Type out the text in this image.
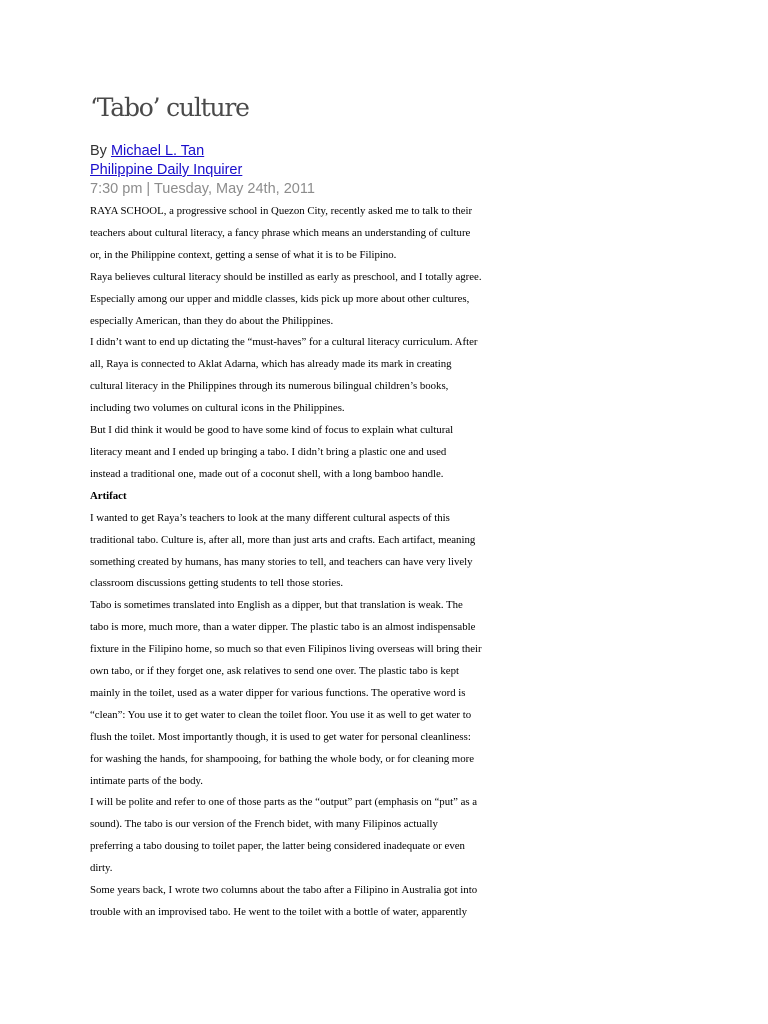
‘Tabo’ culture
By Michael L. Tan
Philippine Daily Inquirer
7:30 pm | Tuesday, May 24th, 2011

RAYA SCHOOL, a progressive school in Quezon City, recently asked me to talk to their

teachers about cultural literacy, a fancy phrase which means an understanding of culture

or, in the Philippine context, getting a sense of what it is to be Filipino.

Raya believes cultural literacy should be instilled as early as preschool, and I totally agree.

Especially among our upper and middle classes, kids pick up more about other cultures,

especially American, than they do about the Philippines.

I didn’t want to end up dictating the “must-haves” for a cultural literacy curriculum. After

all, Raya is connected to Aklat Adarna, which has already made its mark in creating

cultural literacy in the Philippines through its numerous bilingual children’s books,

including two volumes on cultural icons in the Philippines.

But I did think it would be good to have some kind of focus to explain what cultural

literacy meant and I ended up bringing a tabo. I didn’t bring a plastic one and used

instead a traditional one, made out of a coconut shell, with a long bamboo handle.

Artifact

I wanted to get Raya’s teachers to look at the many different cultural aspects of this

traditional tabo. Culture is, after all, more than just arts and crafts. Each artifact, meaning

something created by humans, has many stories to tell, and teachers can have very lively

classroom discussions getting students to tell those stories.

Tabo is sometimes translated into English as a dipper, but that translation is weak. The

tabo is more, much more, than a water dipper. The plastic tabo is an almost indispensable

fixture in the Filipino home, so much so that even Filipinos living overseas will bring their

own tabo, or if they forget one, ask relatives to send one over. The plastic tabo is kept

mainly in the toilet, used as a water dipper for various functions. The operative word is

“clean”: You use it to get water to clean the toilet floor. You use it as well to get water to

flush the toilet. Most importantly though, it is used to get water for personal cleanliness:

for washing the hands, for shampooing, for bathing the whole body, or for cleaning more

intimate parts of the body.

I will be polite and refer to one of those parts as the “output” part (emphasis on “put” as a

sound). The tabo is our version of the French bidet, with many Filipinos actually

preferring a tabo dousing to toilet paper, the latter being considered inadequate or even

dirty.

Some years back, I wrote two columns about the tabo after a Filipino in Australia got into

trouble with an improvised tabo. He went to the toilet with a bottle of water, apparently
